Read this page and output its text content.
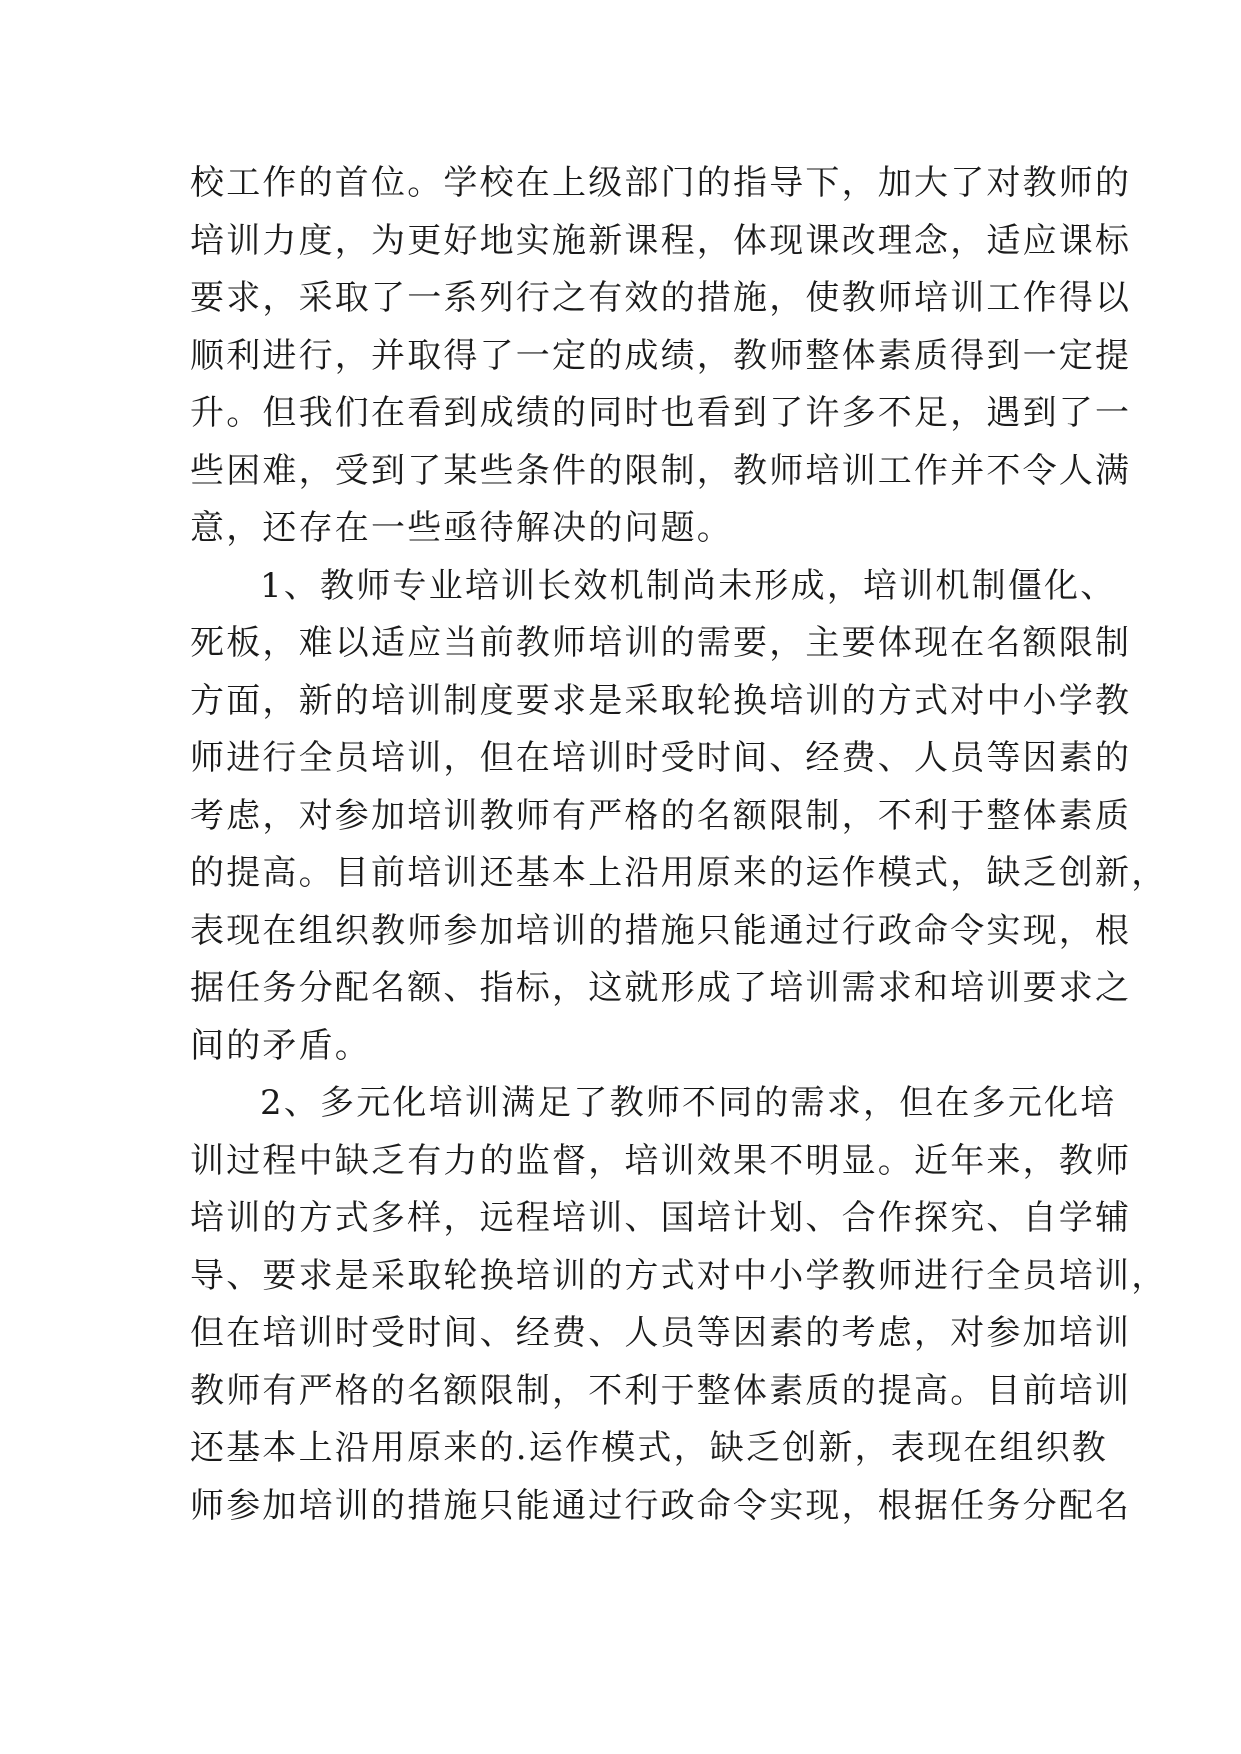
校工作的首位。学校在上级部门的指导下，加大了对教师的
培训力度，为更好地实施新课程，体现课改理念，适应课标
要求，采取了一系列行之有效的措施，使教师培训工作得以
顺利进行，并取得了一定的成绩，教师整体素质得到一定提
升。但我们在看到成绩的同时也看到了许多不足，遇到了一
些困难，受到了某些条件的限制，教师培训工作并不令人满
意，还存在一些亟待解决的问题。
1、教师专业培训长效机制尚未形成，培训机制僵化、
死板，难以适应当前教师培训的需要，主要体现在名额限制
方面，新的培训制度要求是采取轮换培训的方式对中小学教
师进行全员培训，但在培训时受时间、经费、人员等因素的
考虑，对参加培训教师有严格的名额限制，不利于整体素质
的提高。目前培训还基本上沿用原来的运作模式，缺乏创新，
表现在组织教师参加培训的措施只能通过行政命令实现，根
据任务分配名额、指标，这就形成了培训需求和培训要求之
间的矛盾。
2、多元化培训满足了教师不同的需求，但在多元化培
训过程中缺乏有力的监督，培训效果不明显。近年来，教师
培训的方式多样，远程培训、国培计划、合作探究、自学辅
导、要求是采取轮换培训的方式对中小学教师进行全员培训，
但在培训时受时间、经费、人员等因素的考虑，对参加培训
教师有严格的名额限制，不利于整体素质的提高。目前培训
还基本上沿用原来的.运作模式，缺乏创新，表现在组织教
师参加培训的措施只能通过行政命令实现，根据任务分配名
